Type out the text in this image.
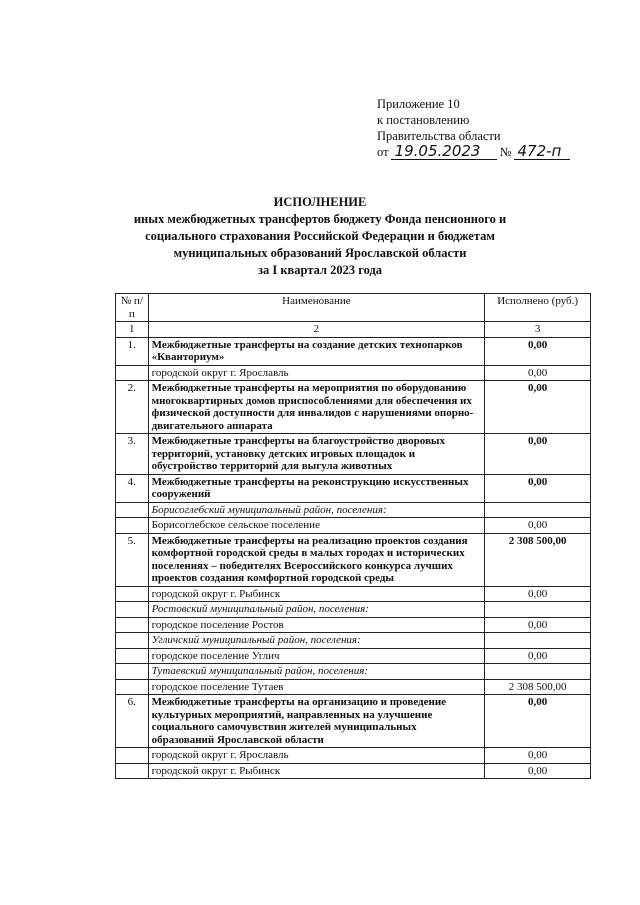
Приложение 10
к постановлению
Правительства области
от 19.05.2023	№ 472-п
ИСПОЛНЕНИЕ
иных межбюджетных трансфертов бюджету Фонда пенсионного и
социального страхования Российской Федерации и бюджетам
муниципальных образований Ярославской области
за I квартал 2023 года
№ п/п	Наименование	Исполнено (руб.)
1	2	3
1.	Межбюджетные трансферты на создание детских технопарков «Кванториум»	0,00
	городской округ г. Ярославль	0,00
2.	Межбюджетные трансферты на мероприятия по оборудованию многоквартирных домов приспособлениями для обеспечения их физической доступности для инвалидов с нарушениями опорно-двигательного аппарата	0,00
3.	Межбюджетные трансферты на благоустройство дворовых территорий, установку детских игровых площадок и обустройство территорий для выгула животных	0,00
4.	Межбюджетные трансферты на реконструкцию искусственных сооружений	0,00
	Борисоглебский муниципальный район, поселения:	
	Борисоглебское сельское поселение	0,00
5.	Межбюджетные трансферты на реализацию проектов создания комфортной городской среды в малых городах и исторических поселениях – победителях Всероссийского конкурса лучших проектов создания комфортной городской среды	2 308 500,00
	городской округ г. Рыбинск	0,00
	Ростовский муниципальный район, поселения:	
	городское поселение Ростов	0,00
	Угличский муниципальный район, поселения:	
	городское поселение Углич	0,00
	Тутаевский муниципальный район, поселения:	
	городское поселение Тутаев	2 308 500,00
6.	Межбюджетные трансферты на организацию и проведение культурных мероприятий, направленных на улучшение социального самочувствия жителей муниципальных образований Ярославской области	0,00
	городской округ г. Ярославль	0,00
	городской округ г. Рыбинск	0,00
